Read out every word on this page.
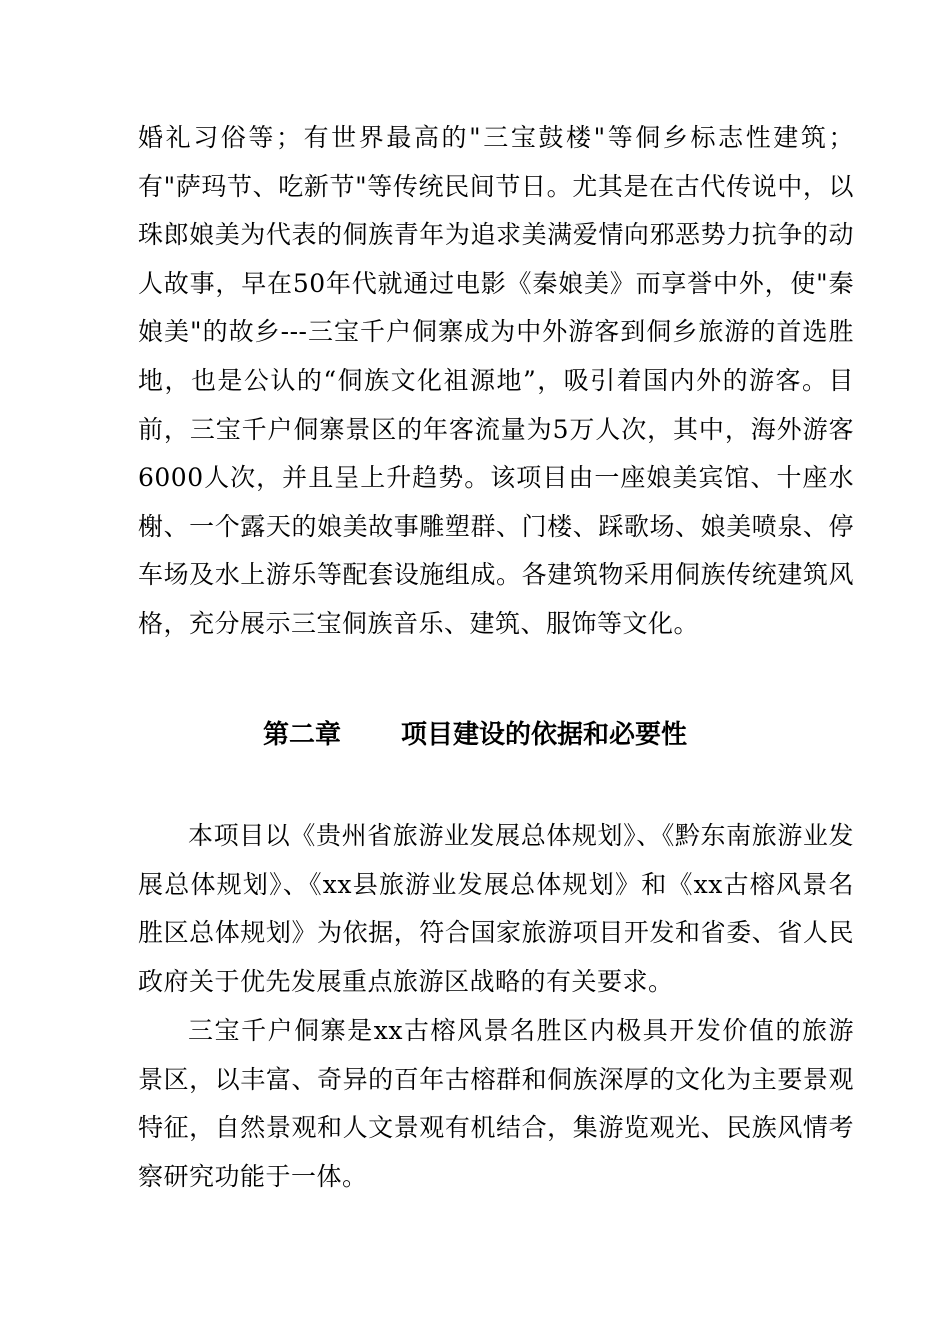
婚礼习俗等；有世界最高的"三宝鼓楼"等侗乡标志性建筑；有"萨玛节、吃新节"等传统民间节日。尤其是在古代传说中，以珠郎娘美为代表的侗族青年为追求美满爱情向邪恶势力抗争的动人故事，早在50年代就通过电影《秦娘美》而享誉中外，使"秦娘美"的故乡---三宝千户侗寨成为中外游客到侗乡旅游的首选胜地，也是公认的“侗族文化祖源地”，吸引着国内外的游客。目前，三宝千户侗寨景区的年客流量为5万人次，其中，海外游客6000人次，并且呈上升趋势。该项目由一座娘美宾馆、十座水榭、一个露天的娘美故事雕塑群、门楼、踩歌场、娘美喷泉、停车场及水上游乐等配套设施组成。各建筑物采用侗族传统建筑风格，充分展示三宝侗族音乐、建筑、服饰等文化。

第二章 项目建设的依据和必要性

本项目以《贵州省旅游业发展总体规划》、《黔东南旅游业发展总体规划》、《xx县旅游业发展总体规划》和《xx古榕风景名胜区总体规划》为依据，符合国家旅游项目开发和省委、省人民政府关于优先发展重点旅游区战略的有关要求。

三宝千户侗寨是xx古榕风景名胜区内极具开发价值的旅游景区，以丰富、奇异的百年古榕群和侗族深厚的文化为主要景观特征，自然景观和人文景观有机结合，集游览观光、民族风情考察研究功能于一体。
